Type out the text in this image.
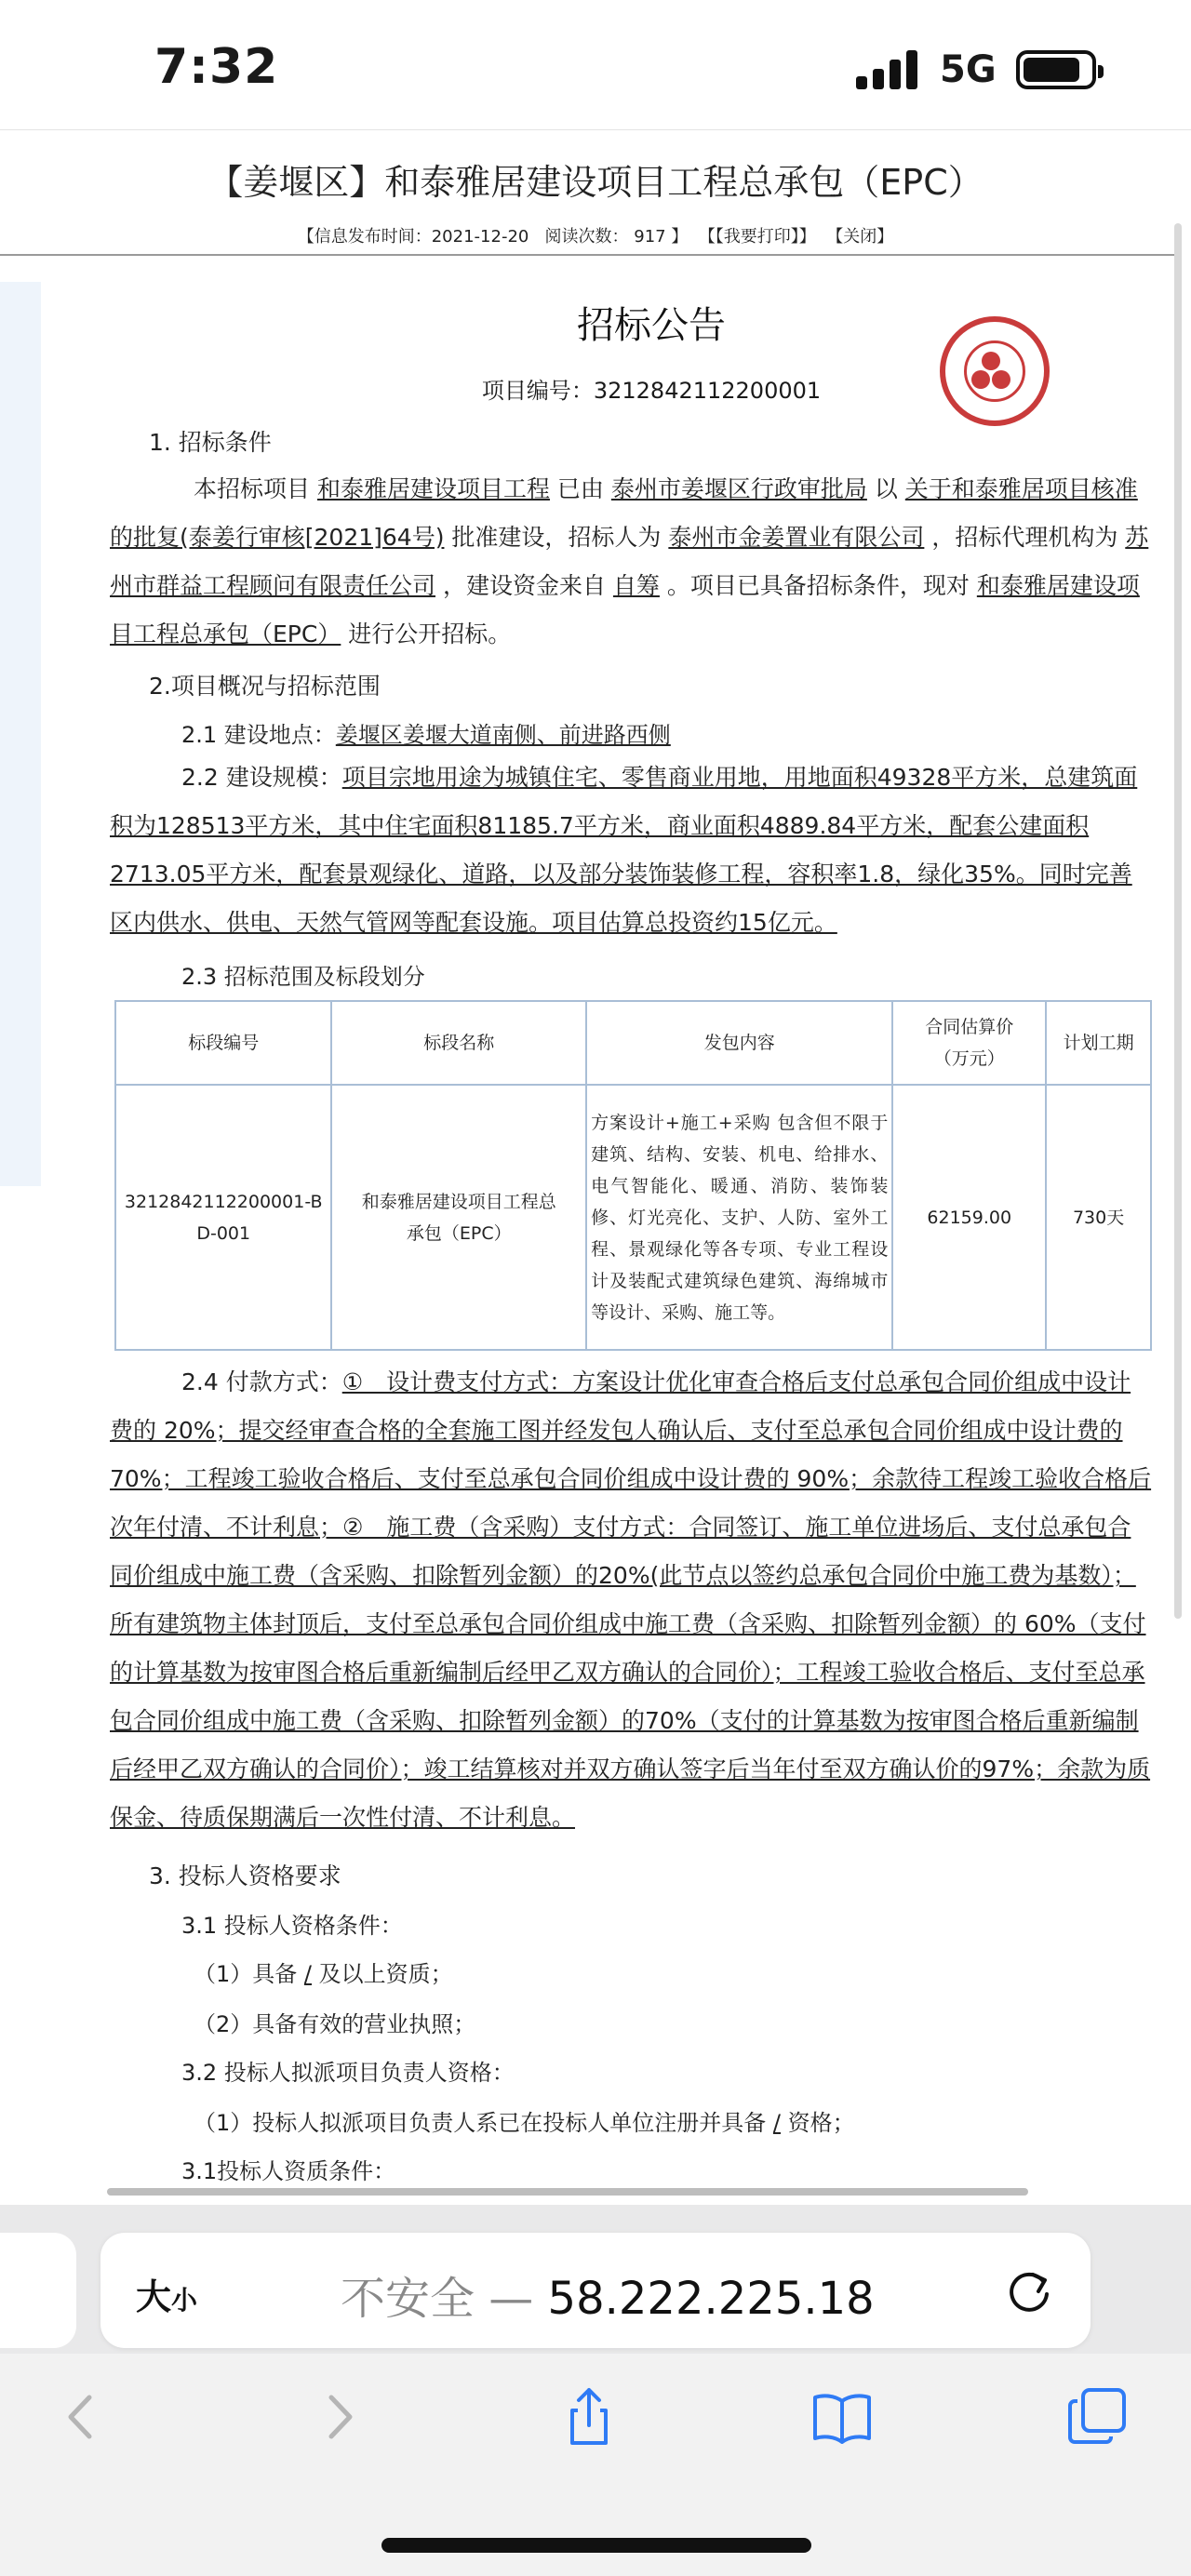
7:32	5G
【姜堰区】和泰雅居建设项目工程总承包（EPC）
【信息发布时间：2021-12-20 阅读次数： 917 】 【【我要打印】】 【关闭】
招标公告
项目编号：3212842112200001
1. 招标条件
本招标项目 和泰雅居建设项目工程 已由 泰州市姜堰区行政审批局 以 关于和泰雅居项目核准的批复(泰姜行审核[2021]64号) 批准建设，招标人为 泰州市金姜置业有限公司 ，招标代理机构为 苏州市群益工程顾问有限责任公司 ，建设资金来自 自筹 。项目已具备招标条件，现对 和泰雅居建设项目工程总承包（EPC） 进行公开招标。
2.项目概况与招标范围
2.1 建设地点：姜堰区姜堰大道南侧、前进路西侧
2.2 建设规模：项目宗地用途为城镇住宅、零售商业用地，用地面积49328平方米，总建筑面积为128513平方米，其中住宅面积81185.7平方米，商业面积4889.84平方米，配套公建面积2713.05平方米，配套景观绿化、道路，以及部分装饰装修工程，容积率1.8，绿化35%。同时完善区内供水、供电、天然气管网等配套设施。项目估算总投资约15亿元。
2.3 招标范围及标段划分
标段编号	标段名称	发包内容	合同估算价（万元）	计划工期
3212842112200001-BD-001	和泰雅居建设项目工程总承包（EPC）	方案设计+施工+采购 包含但不限于建筑、结构、安装、机电、给排水、电气智能化、暖通、消防、装饰装修、灯光亮化、支护、人防、室外工程、景观绿化等各专项、专业工程设计及装配式建筑绿色建筑、海绵城市等设计、采购、施工等。	62159.00	730天
2.4 付款方式：①　设计费支付方式：方案设计优化审查合格后支付总承包合同价组成中设计费的 20%；提交经审查合格的全套施工图并经发包人确认后、支付至总承包合同价组成中设计费的 70%；工程竣工验收合格后、支付至总承包合同价组成中设计费的 90%；余款待工程竣工验收合格后次年付清、不计利息；②　施工费（含采购）支付方式：合同签订、施工单位进场后、支付总承包合同价组成中施工费（含采购、扣除暂列金额）的20%(此节点以签约总承包合同价中施工费为基数）；所有建筑物主体封顶后，支付至总承包合同价组成中施工费（含采购、扣除暂列金额）的 60%（支付的计算基数为按审图合格后重新编制后经甲乙双方确认的合同价）；工程竣工验收合格后、支付至总承包合同价组成中施工费（含采购、扣除暂列金额）的70%（支付的计算基数为按审图合格后重新编制后经甲乙双方确认的合同价）；竣工结算核对并双方确认签字后当年付至双方确认价的97%；余款为质保金、待质保期满后一次性付清、不计利息。
3. 投标人资格要求
3.1 投标人资格条件：
（1）具备 / 及以上资质；
（2）具备有效的营业执照；
3.2 投标人拟派项目负责人资格：
（1）投标人拟派项目负责人系已在投标人单位注册并具备 / 资格；
3.1投标人资质条件：
大小	不安全 — 58.222.225.18
